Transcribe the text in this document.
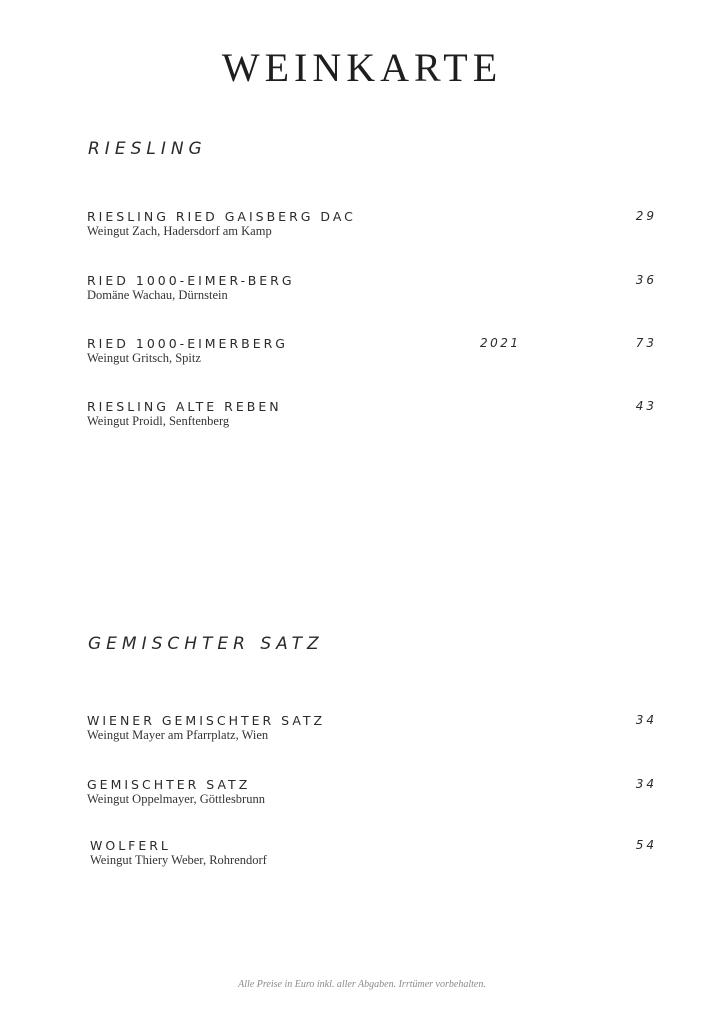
WEINKARTE
RIESLING
RIESLING RIED GAISBERG DAC
Weingut Zach, Hadersdorf am Kamp
29
RIED 1000-EIMER-BERG
Domäne Wachau, Dürnstein
36
RIED 1000-EIMERBERG
Weingut Gritsch, Spitz
2021	73
RIESLING ALTE REBEN
Weingut Proidl, Senftenberg
43
GEMISCHTER SATZ
WIENER GEMISCHTER SATZ
Weingut Mayer am Pfarrplatz, Wien
34
GEMISCHTER SATZ
Weingut Oppelmayer, Göttlesbrunn
34
WOLFERL
Weingut Thiery Weber, Rohrendorf
54
Alle Preise in Euro inkl. aller Abgaben. Irrtümer vorbehalten.
